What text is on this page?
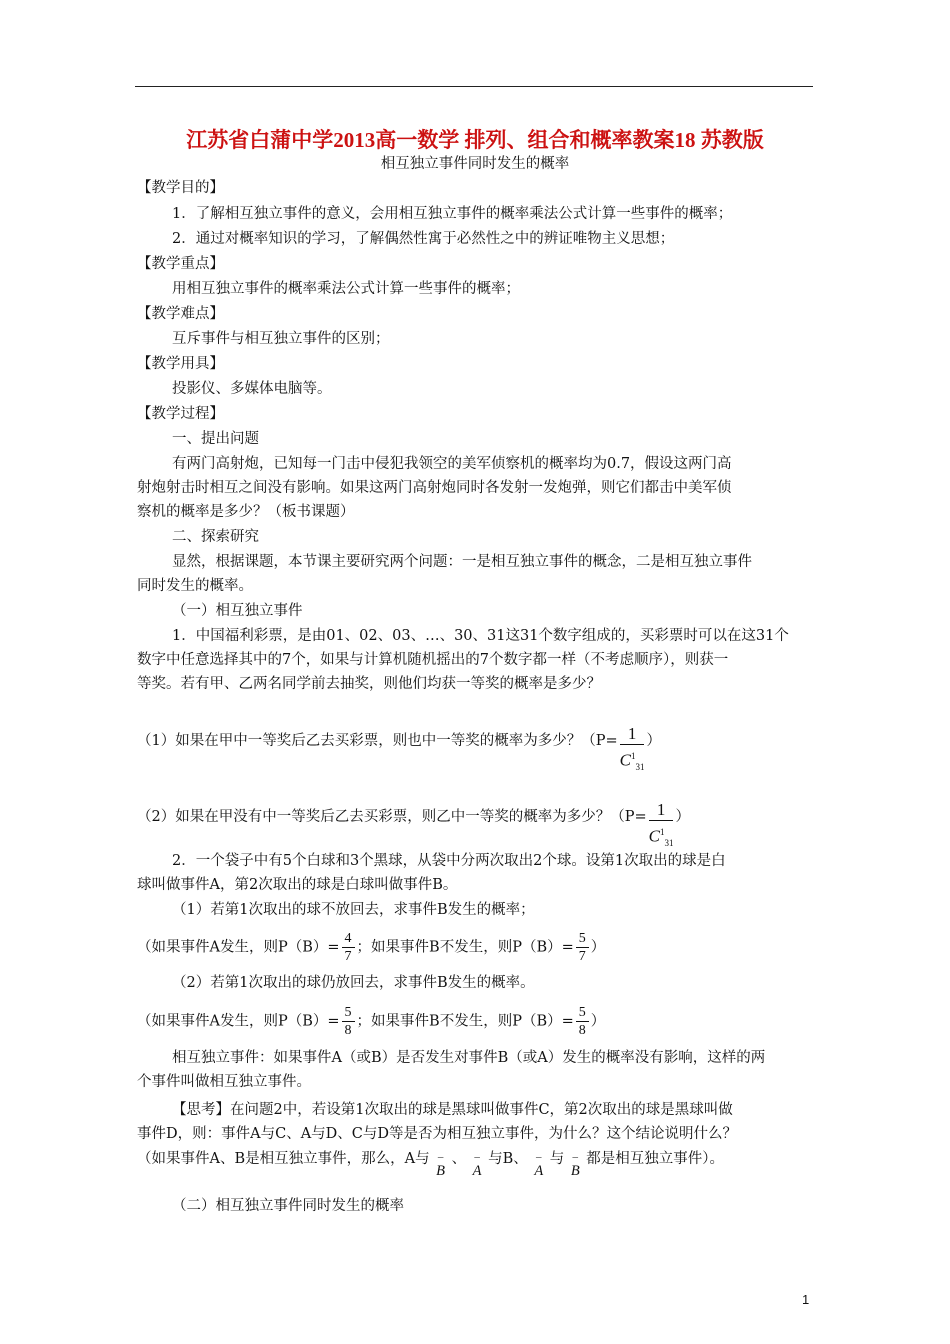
江苏省白蒲中学2013高一数学 排列、组合和概率教案18 苏教版
相互独立事件同时发生的概率
【教学目的】
1．了解相互独立事件的意义，会用相互独立事件的概率乘法公式计算一些事件的概率；
2．通过对概率知识的学习，了解偶然性寓于必然性之中的辨证唯物主义思想；
【教学重点】
用相互独立事件的概率乘法公式计算一些事件的概率；
【教学难点】
互斥事件与相互独立事件的区别；
【教学用具】
投影仪、多媒体电脑等。
【教学过程】
一、提出问题
有两门高射炮，已知每一门击中侵犯我领空的美军侦察机的概率均为0.7，假设这两门高
射炮射击时相互之间没有影响。如果这两门高射炮同时各发射一发炮弹，则它们都击中美军侦
察机的概率是多少？（板书课题）
二、探索研究
显然，根据课题，本节课主要研究两个问题：一是相互独立事件的概念，二是相互独立事件
同时发生的概率。
（一）相互独立事件
1．中国福利彩票，是由01、02、03、…、30、31这31个数字组成的，买彩票时可以在这31个
数字中任意选择其中的7个，如果与计算机随机摇出的7个数字都一样（不考虑顺序），则获一
等奖。若有甲、乙两名同学前去抽奖，则他们均获一等奖的概率是多少？
（1）如果在甲中一等奖后乙去买彩票，则也中一等奖的概率为多少？（$P= \frac{1}{C^1_{31}}$ ）
（2）如果在甲没有中一等奖后乙去买彩票，则乙中一等奖的概率为多少？（$P= \frac{1}{C^1_{31}}$ ）
2．一个袋子中有5个白球和3个黑球，从袋中分两次取出2个球。设第1次取出的球是白
球叫做事件A，第2次取出的球是白球叫做事件B。
（1）若第1次取出的球不放回去，求事件B发生的概率；
（如果事件A发生，则$P(B)= \frac{4}{7}$ ；如果事件B不发生，则$P(B)= \frac{5}{7}$ ）
（2）若第1次取出的球仍放回去，求事件B发生的概率。
（如果事件A发生，则$P(B)= \frac{5}{8}$ ；如果事件B不发生，则$P(B)= \frac{5}{8}$ ）
相互独立事件：如果事件A（或B）是否发生对事件B（或A）发生的概率没有影响，这样的两
个事件叫做相互独立事件。
【思考】在问题2中，若设第1次取出的球是黑球叫做事件C，第2次取出的球是黑球叫做
事件D，则：事件A与C、A与D、C与D等是否为相互独立事件，为什么？这个结论说明什么？
（如果事件A、B是相互独立事件，那么，A与– B、– A与B、– A与– B都是相互独立事件）。
（二）相互独立事件同时发生的概率
1
